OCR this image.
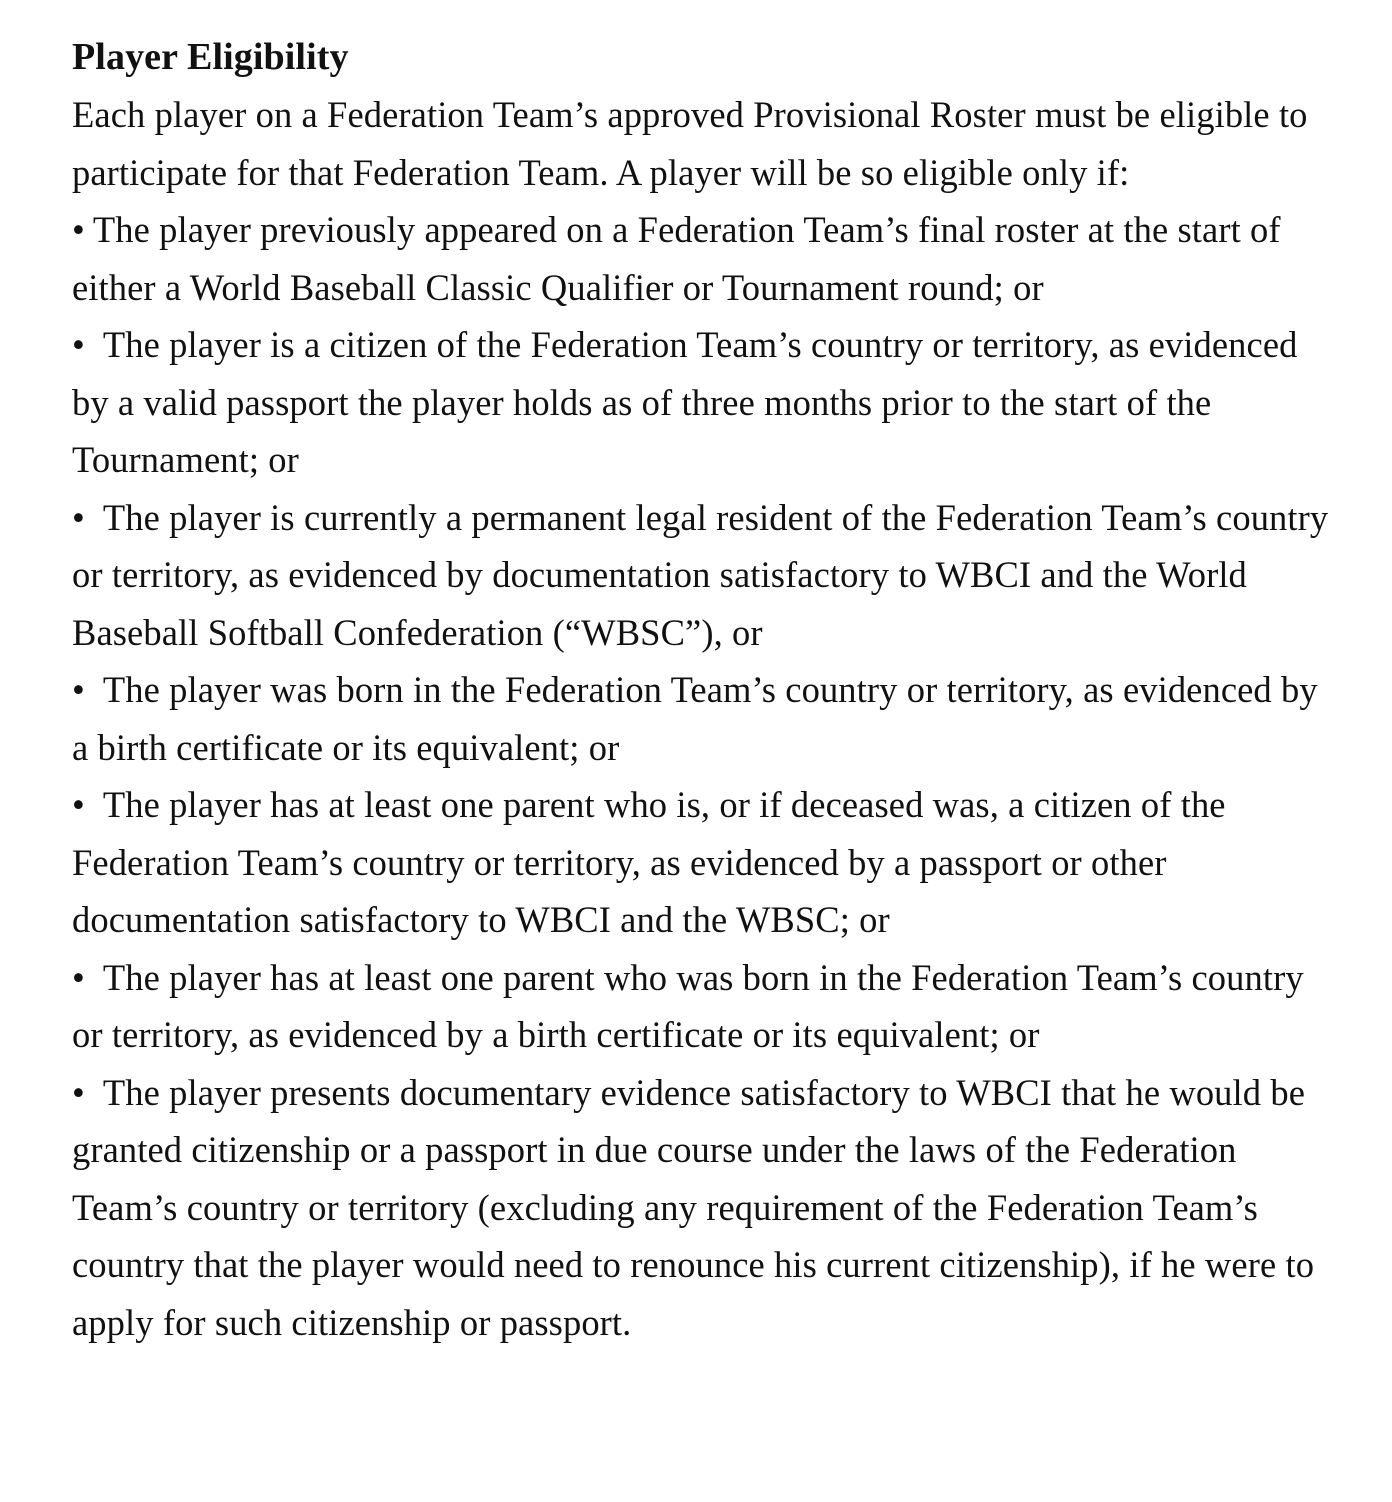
Player Eligibility

Each player on a Federation Team’s approved Provisional Roster must be eligible to participate for that Federation Team. A player will be so eligible only if:

• The player previously appeared on a Federation Team’s final roster at the start of either a World Baseball Classic Qualifier or Tournament round; or

• The player is a citizen of the Federation Team’s country or territory, as evidenced by a valid passport the player holds as of three months prior to the start of the Tournament; or

• The player is currently a permanent legal resident of the Federation Team’s country or territory, as evidenced by documentation satisfactory to WBCI and the World Baseball Softball Confederation (“WBSC”), or

• The player was born in the Federation Team’s country or territory, as evidenced by a birth certificate or its equivalent; or

• The player has at least one parent who is, or if deceased was, a citizen of the Federation Team’s country or territory, as evidenced by a passport or other documentation satisfactory to WBCI and the WBSC; or

• The player has at least one parent who was born in the Federation Team’s country or territory, as evidenced by a birth certificate or its equivalent; or

• The player presents documentary evidence satisfactory to WBCI that he would be granted citizenship or a passport in due course under the laws of the Federation Team’s country or territory (excluding any requirement of the Federation Team’s country that the player would need to renounce his current citizenship), if he were to apply for such citizenship or passport.
